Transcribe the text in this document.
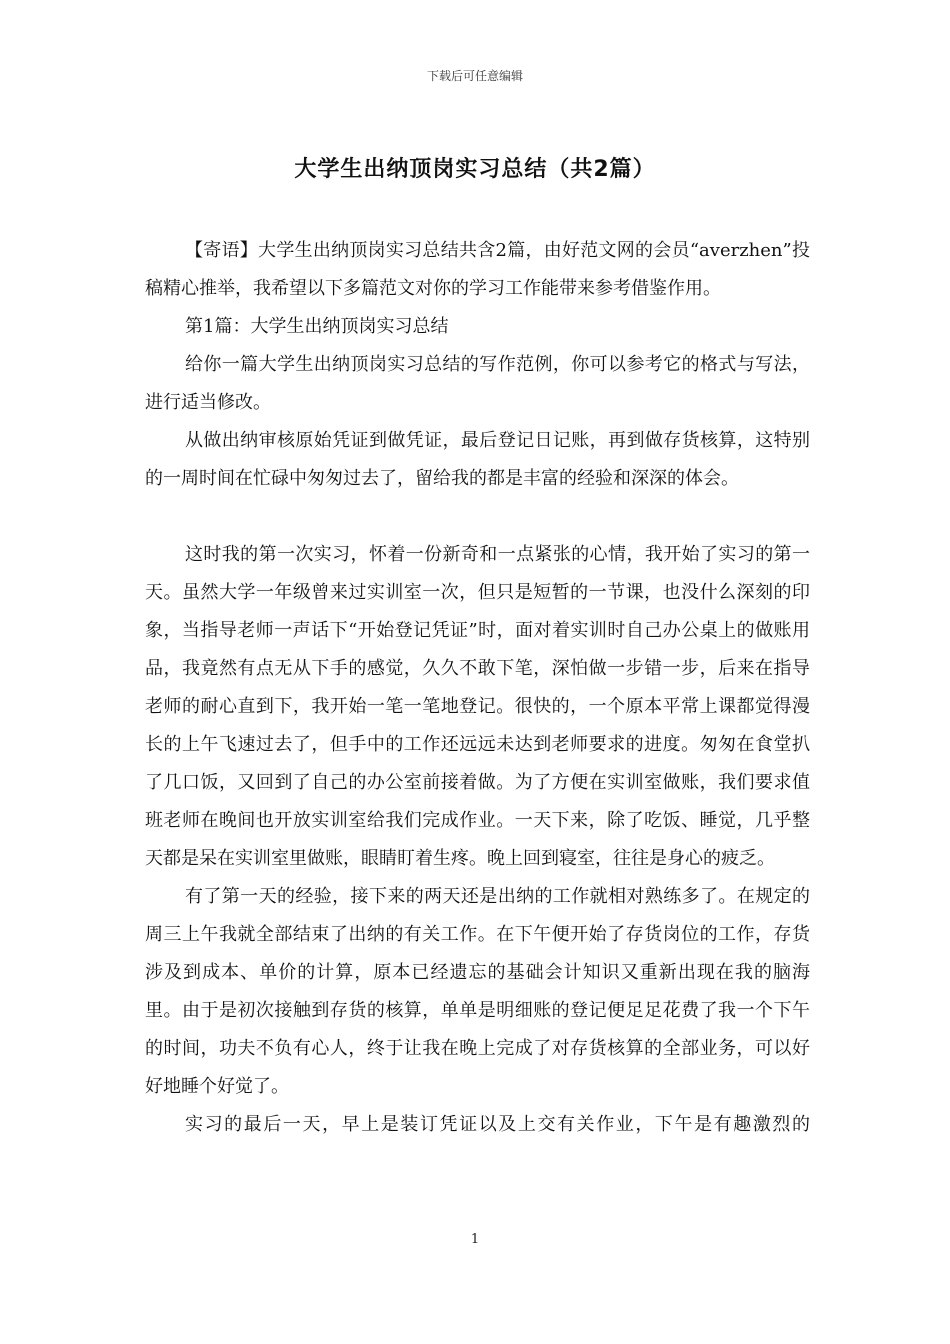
下载后可任意编辑
大学生出纳顶岗实习总结（共2篇）

【寄语】大学生出纳顶岗实习总结共含2篇，由好范文网的会员“averzhen”投稿精心推举，我希望以下多篇范文对你的学习工作能带来参考借鉴作用。

第1篇：大学生出纳顶岗实习总结

给你一篇大学生出纳顶岗实习总结的写作范例，你可以参考它的格式与写法，进行适当修改。

从做出纳审核原始凭证到做凭证，最后登记日记账，再到做存货核算，这特别的一周时间在忙碌中匆匆过去了，留给我的都是丰富的经验和深深的体会。

这时我的第一次实习，怀着一份新奇和一点紧张的心情，我开始了实习的第一天。虽然大学一年级曾来过实训室一次，但只是短暂的一节课，也没什么深刻的印象，当指导老师一声话下“开始登记凭证”时，面对着实训时自己办公桌上的做账用品，我竟然有点无从下手的感觉，久久不敢下笔，深怕做一步错一步，后来在指导老师的耐心直到下，我开始一笔一笔地登记。很快的，一个原本平常上课都觉得漫长的上午飞速过去了，但手中的工作还远远未达到老师要求的进度。匆匆在食堂扒了几口饭，又回到了自己的办公室前接着做。为了方便在实训室做账，我们要求值班老师在晚间也开放实训室给我们完成作业。一天下来，除了吃饭、睡觉，几乎整天都是呆在实训室里做账，眼睛盯着生疼。晚上回到寝室，往往是身心的疲乏。

有了第一天的经验，接下来的两天还是出纳的工作就相对熟练多了。在规定的周三上午我就全部结束了出纳的有关工作。在下午便开始了存货岗位的工作，存货涉及到成本、单价的计算，原本已经遗忘的基础会计知识又重新出现在我的脑海里。由于是初次接触到存货的核算，单单是明细账的登记便足足花费了我一个下午的时间，功夫不负有心人，终于让我在晚上完成了对存货核算的全部业务，可以好好地睡个好觉了。

实习的最后一天，早上是装订凭证以及上交有关作业，下午是有趣激烈的

1
